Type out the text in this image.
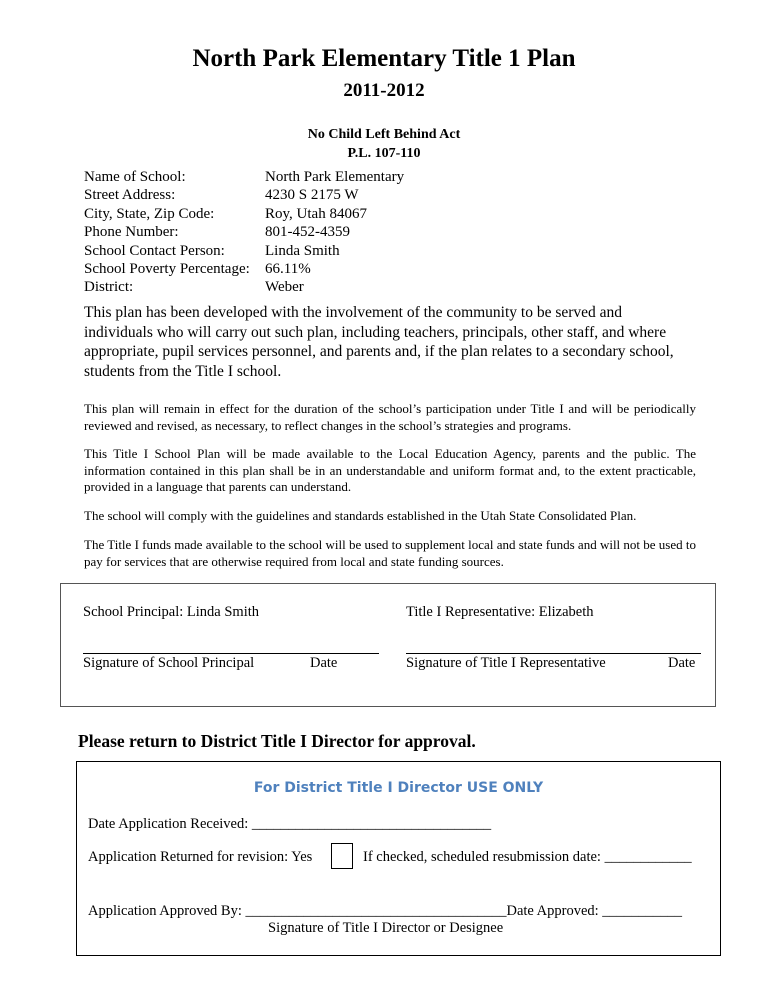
North Park Elementary Title 1 Plan
2011-2012
No Child Left Behind Act
P.L. 107-110
Name of School:	North Park Elementary
Street Address:	4230 S 2175 W
City, State, Zip Code:	Roy, Utah 84067
Phone Number:	801-452-4359
School Contact Person:	Linda Smith
School Poverty Percentage:	66.11%
District:	Weber
This plan has been developed with the involvement of the community to be served and individuals who will carry out such plan, including teachers, principals, other staff, and where appropriate, pupil services personnel, and parents and, if the plan relates to a secondary school, students from the Title I school.
This plan will remain in effect for the duration of the school’s participation under Title I and will be periodically reviewed and revised, as necessary, to reflect changes in the school’s strategies and programs.
This Title I School Plan will be made available to the Local Education Agency, parents and the public. The information contained in this plan shall be in an understandable and uniform format and, to the extent practicable, provided in a language that parents can understand.
The school will comply with the guidelines and standards established in the Utah State Consolidated Plan.
The Title I funds made available to the school will be used to supplement local and state funds and will not be used to pay for services that are otherwise required from local and state funding sources.
School Principal: Linda Smith	Title I Representative: Elizabeth
Signature of School Principal	Date	Signature of Title I Representative	Date
Please return to District Title I Director for approval.
For District Title I Director USE ONLY
Date Application Received: _________________________________
Application Returned for revision: Yes	If checked, scheduled resubmission date: ____________
Application Approved By: ____________________________________Date Approved: ___________
Signature of Title I Director or Designee
